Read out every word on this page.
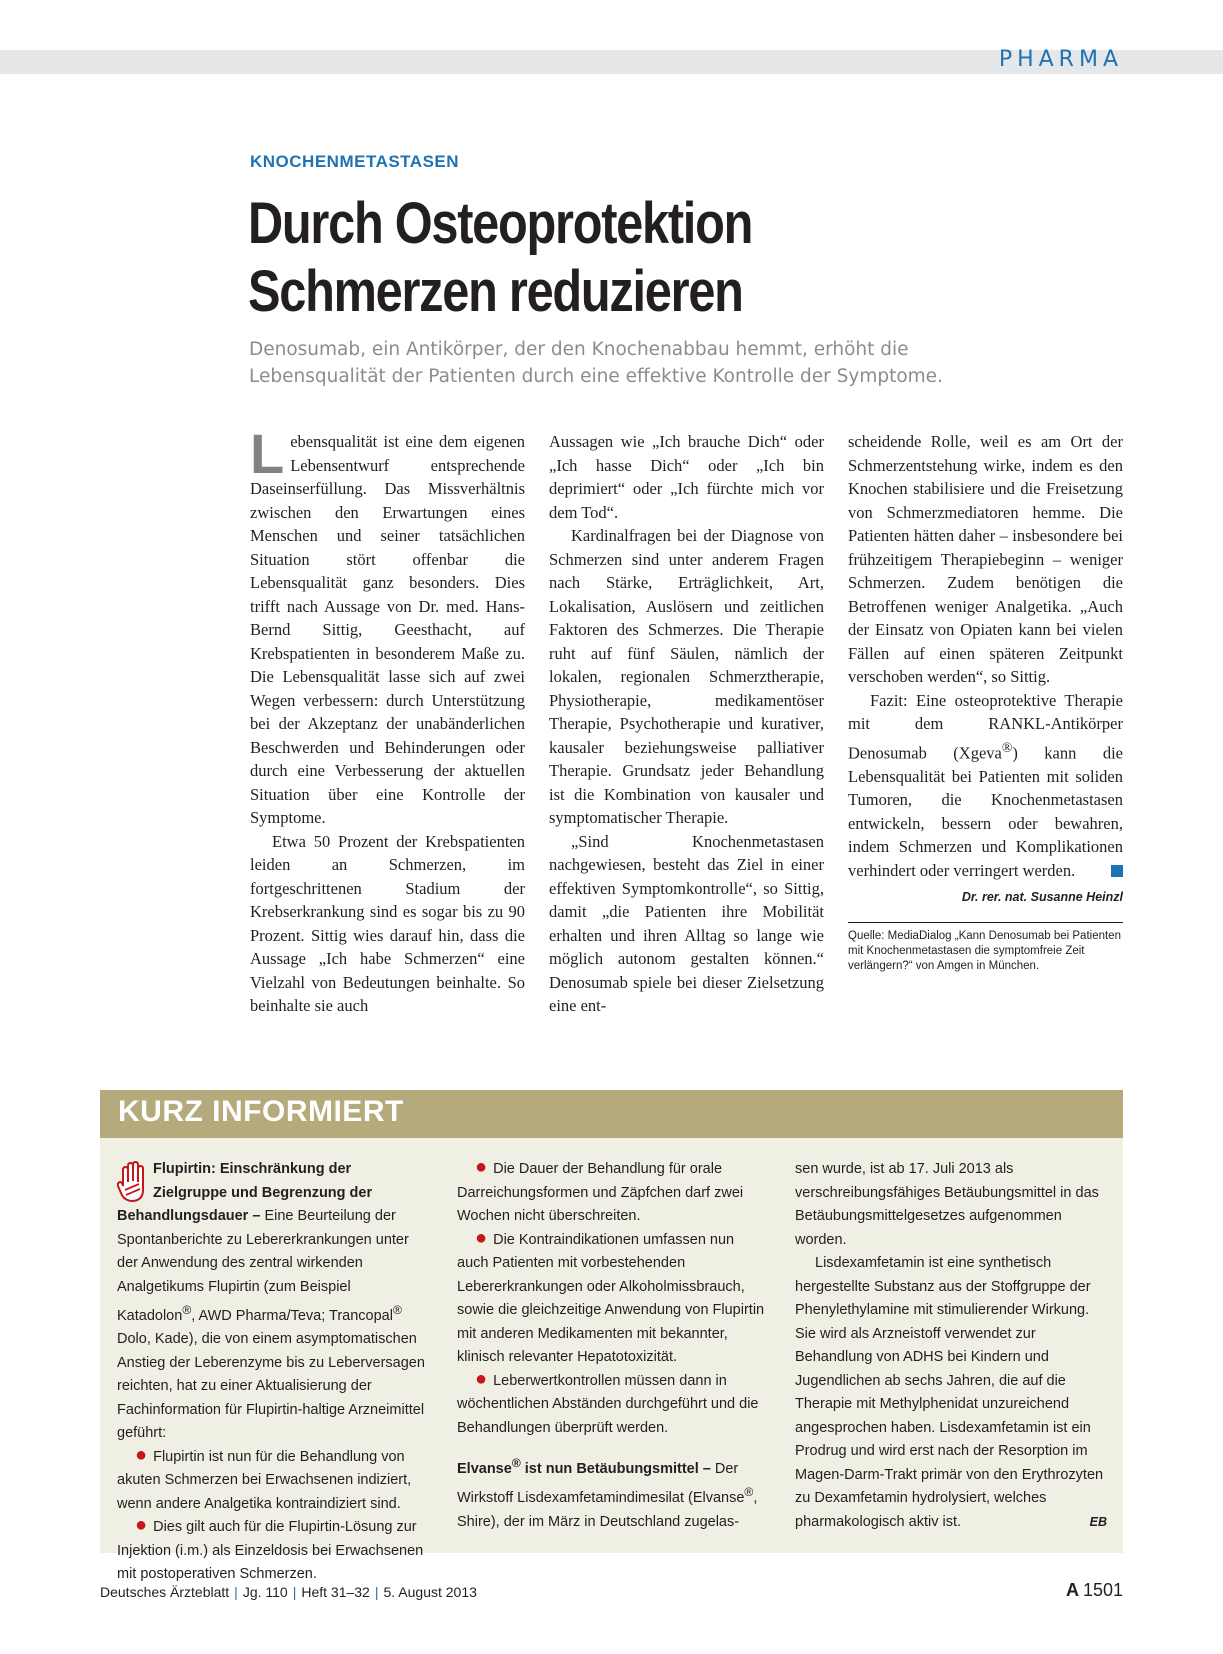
PHARMA
KNOCHENMETASTASEN
Durch Osteoprotektion
Schmerzen reduzieren
Denosumab, ein Antikörper, der den Knochenabbau hemmt, erhöht die
Lebensqualität der Patienten durch eine effektive Kontrolle der Symptome.

Lebensqualität ist eine dem eigenen Lebensentwurf entsprechende Daseinserfüllung. Das Missverhältnis zwischen den Erwartungen eines Menschen und seiner tatsächlichen Situation stört offenbar die Lebensqualität ganz besonders. Dies trifft nach Aussage von Dr. med. Hans-Bernd Sittig, Geesthacht, auf Krebspatienten in besonderem Maße zu. Die Lebensqualität lasse sich auf zwei Wegen verbessern: durch Unterstützung bei der Akzeptanz der unabänderlichen Beschwerden und Behinderungen oder durch eine Verbesserung der aktuellen Situation über eine Kontrolle der Symptome.

Etwa 50 Prozent der Krebspatienten leiden an Schmerzen, im fortgeschrittenen Stadium der Krebserkrankung sind es sogar bis zu 90 Prozent. Sittig wies darauf hin, dass die Aussage „Ich habe Schmerzen“ eine Vielzahl von Bedeutungen beinhalte. So beinhalte sie auch

Aussagen wie „Ich brauche Dich“ oder „Ich hasse Dich“ oder „Ich bin deprimiert“ oder „Ich fürchte mich vor dem Tod“.

Kardinalfragen bei der Diagnose von Schmerzen sind unter anderem Fragen nach Stärke, Erträglichkeit, Art, Lokalisation, Auslösern und zeitlichen Faktoren des Schmerzes. Die Therapie ruht auf fünf Säulen, nämlich der lokalen, regionalen Schmerztherapie, Physiotherapie, medikamentöser Therapie, Psychotherapie und kurativer, kausaler beziehungsweise palliativer Therapie. Grundsatz jeder Behandlung ist die Kombination von kausaler und symptomatischer Therapie.

„Sind Knochenmetastasen nachgewiesen, besteht das Ziel in einer effektiven Symptomkontrolle“, so Sittig, damit „die Patienten ihre Mobilität erhalten und ihren Alltag so lange wie möglich autonom gestalten können.“ Denosumab spiele bei dieser Zielsetzung eine ent-

scheidende Rolle, weil es am Ort der Schmerzentstehung wirke, indem es den Knochen stabilisiere und die Freisetzung von Schmerzmediatoren hemme. Die Patienten hätten daher – insbesondere bei frühzeitigem Therapiebeginn – weniger Schmerzen. Zudem benötigen die Betroffenen weniger Analgetika. „Auch der Einsatz von Opiaten kann bei vielen Fällen auf einen späteren Zeitpunkt verschoben werden“, so Sittig.

Fazit: Eine osteoprotektive Therapie mit dem RANKL-Antikörper Denosumab (Xgeva®) kann die Lebensqualität bei Patienten mit soliden Tumoren, die Knochenmetastasen entwickeln, bessern oder bewahren, indem Schmerzen und Komplikationen verhindert oder verringert werden.

Dr. rer. nat. Susanne Heinzl
Quelle: MediaDialog „Kann Denosumab bei Patienten mit Knochenmetastasen die symptomfreie Zeit verlängern?“ von Amgen in München.
KURZ INFORMIERT

Flupirtin: Einschränkung der Zielgruppe und Begrenzung der Behandlungsdauer – Eine Beurteilung der Spontanberichte zu Lebererkrankungen unter der Anwendung des zentral wirkenden Analgetikums Flupirtin (zum Beispiel Katadolon®, AWD Pharma/Teva; Trancopal® Dolo, Kade), die von einem asymptomatischen Anstieg der Leberenzyme bis zu Leberversagen reichten, hat zu einer Aktualisierung der Fachinformation für Flupirtin-haltige Arzneimittel geführt:

● Flupirtin ist nun für die Behandlung von akuten Schmerzen bei Erwachsenen indiziert, wenn andere Analgetika kontraindiziert sind.

● Dies gilt auch für die Flupirtin-Lösung zur Injektion (i.m.) als Einzeldosis bei Erwachsenen mit postoperativen Schmerzen.

● Die Dauer der Behandlung für orale Darreichungsformen und Zäpfchen darf zwei Wochen nicht überschreiten.

● Die Kontraindikationen umfassen nun auch Patienten mit vorbestehenden Lebererkrankungen oder Alkoholmissbrauch, sowie die gleichzeitige Anwendung von Flupirtin mit anderen Medikamenten mit bekannter, klinisch relevanter Hepatotoxizität.

● Leberwertkontrollen müssen dann in wöchentlichen Abständen durchgeführt und die Behandlungen überprüft werden.

Elvanse® ist nun Betäubungsmittel – Der Wirkstoff Lisdexamfetamindimesilat (Elvanse®, Shire), der im März in Deutschland zugelas-

sen wurde, ist ab 17. Juli 2013 als verschreibungsfähiges Betäubungsmittel in das Betäubungsmittelgesetzes aufgenommen worden.

Lisdexamfetamin ist eine synthetisch hergestellte Substanz aus der Stoffgruppe der Phenylethylamine mit stimulierender Wirkung. Sie wird als Arzneistoff verwendet zur Behandlung von ADHS bei Kindern und Jugendlichen ab sechs Jahren, die auf die Therapie mit Methylphenidat unzureichend angesprochen haben. Lisdexamfetamin ist ein Prodrug und wird erst nach der Resorption im Magen-Darm-Trakt primär von den Erythrozyten zu Dexamfetamin hydrolysiert, welches pharmakologisch aktiv ist.	EB

Deutsches Ärzteblatt | Jg. 110 | Heft 31–32 | 5. August 2013	A 1501
